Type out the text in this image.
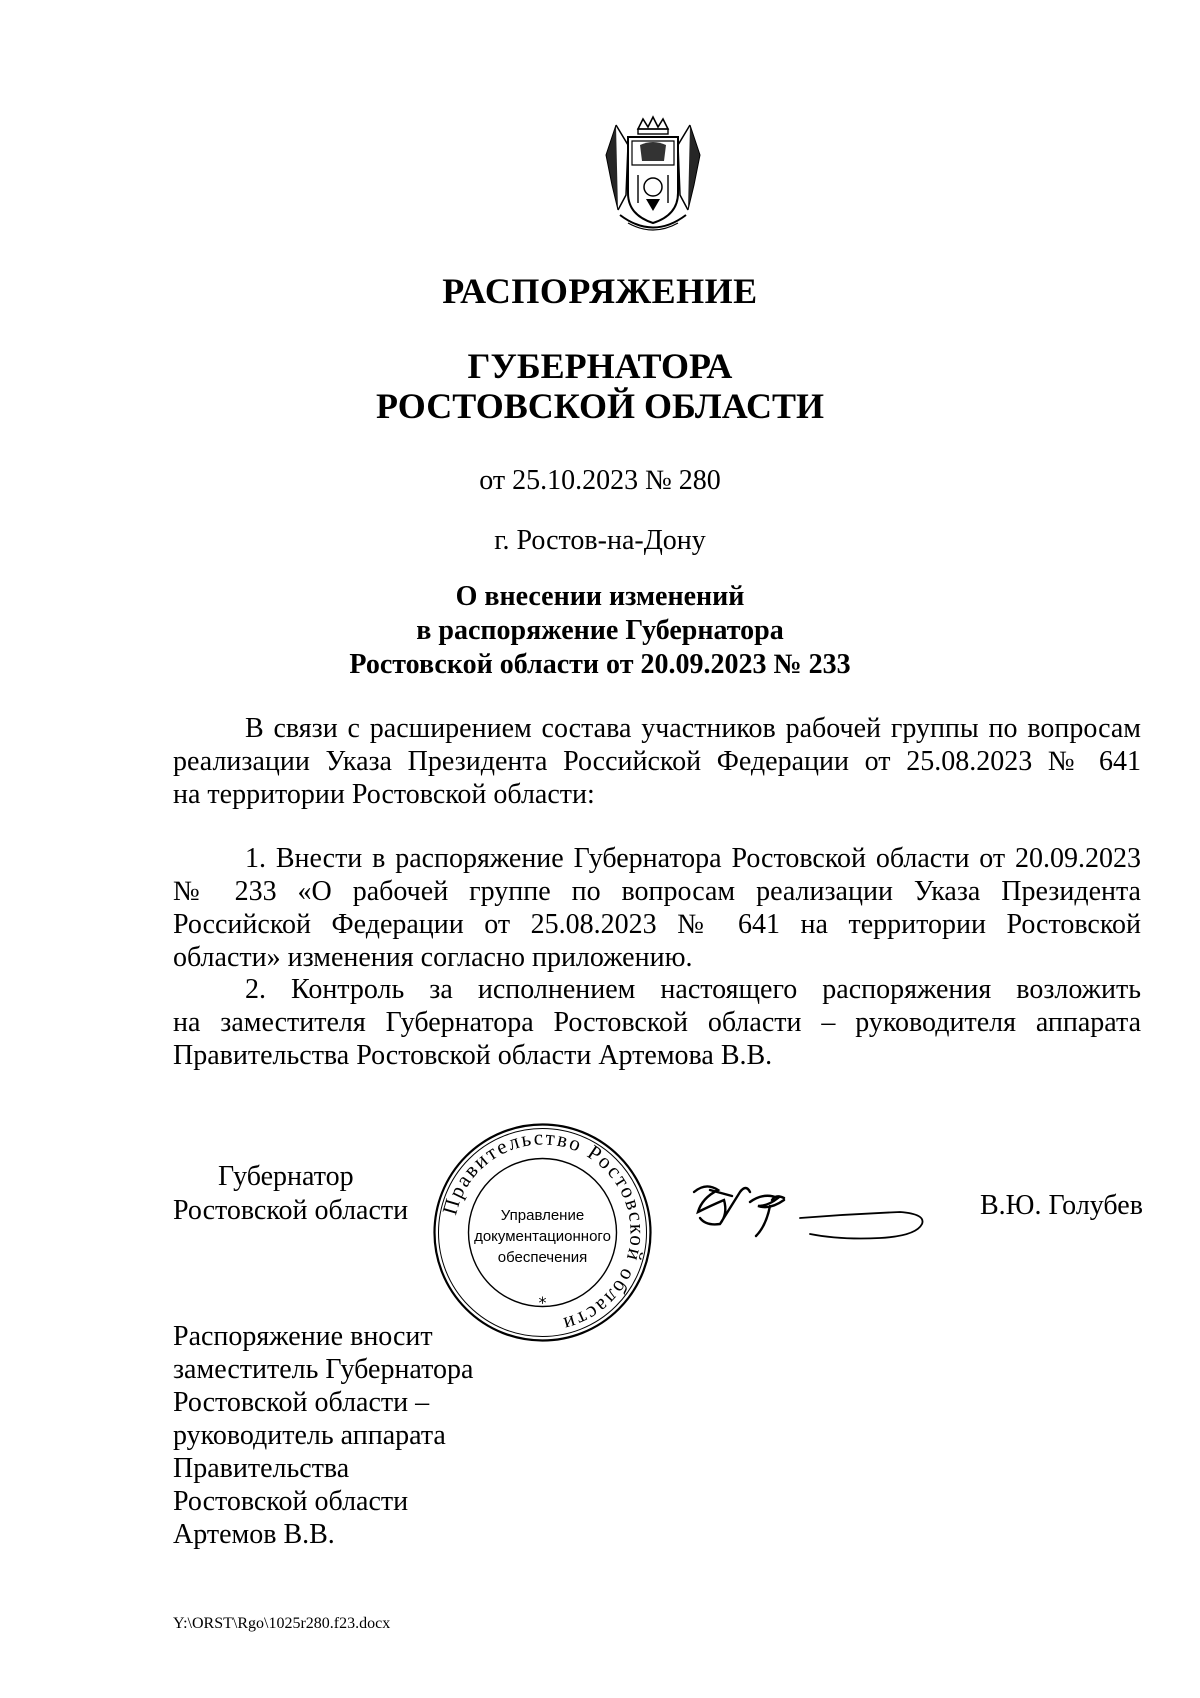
РАСПОРЯЖЕНИЕ
ГУБЕРНАТОРА
РОСТОВСКОЙ ОБЛАСТИ
от 25.10.2023 № 280
г. Ростов-на-Дону
О внесении изменений
в распоряжение Губернатора
Ростовской области от 20.09.2023 № 233
В связи с расширением состава участников рабочей группы по вопросам
реализации Указа Президента Российской Федерации от 25.08.2023 № 641
на территории Ростовской области:
1. Внести в распоряжение Губернатора Ростовской области от 20.09.2023
№ 233 «О рабочей группе по вопросам реализации Указа Президента
Российской Федерации от 25.08.2023 № 641 на территории Ростовской
области» изменения согласно приложению.
2. Контроль за исполнением настоящего распоряжения возложить
на заместителя Губернатора Ростовской области – руководителя аппарата
Правительства Ростовской области Артемова В.В.
Губернатор
Ростовской области Правительство Ростовской области
*
Управление
документационного
обеспечения
В.Ю. Голубев
Распоряжение вносит
заместитель Губернатора
Ростовской области –
руководитель аппарата
Правительства
Ростовской области
Артемов В.В.
Y:\ORST\Rgo\1025r280.f23.docx
